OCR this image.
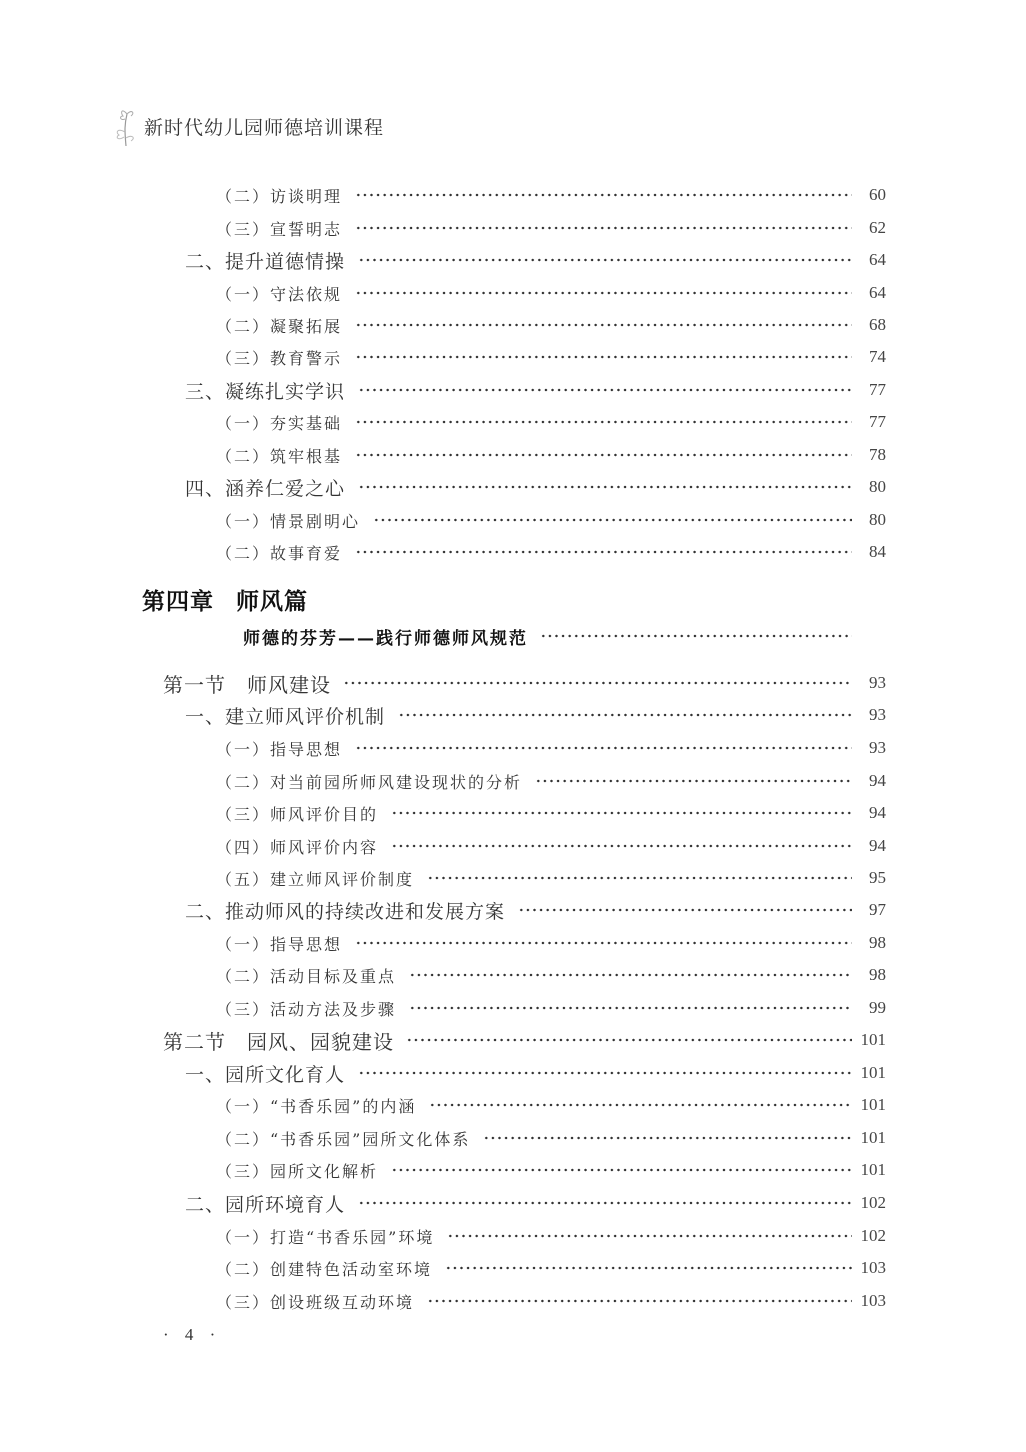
新时代幼儿园师德培训课程
（二）访谈明理	60
（三）宣誓明志	62
二、提升道德情操	64
（一）守法依规	64
（二）凝聚拓展	68
（三）教育警示	74
三、凝练扎实学识	77
（一）夯实基础	77
（二）筑牢根基	78
四、涵养仁爱之心	80
（一）情景剧明心	80
（二）故事育爱	84
师德的芬芳——践行师德师风规范
第一节　师风建设	93
一、建立师风评价机制	93
（一）指导思想	93
（二）对当前园所师风建设现状的分析	94
（三）师风评价目的	94
（四）师风评价内容	94
（五）建立师风评价制度	95
二、推动师风的持续改进和发展方案	97
（一）指导思想	98
（二）活动目标及重点	98
（三）活动方法及步骤	99
第二节　园风、园貌建设	101
一、园所文化育人	101
（一）“书香乐园”的内涵	101
（二）“书香乐园”园所文化体系	101
（三）园所文化解析	101
二、园所环境育人	102
（一）打造“书香乐园”环境	102
（二）创建特色活动室环境	103
（三）创设班级互动环境	103
第四章 师风篇
· 4 ·
